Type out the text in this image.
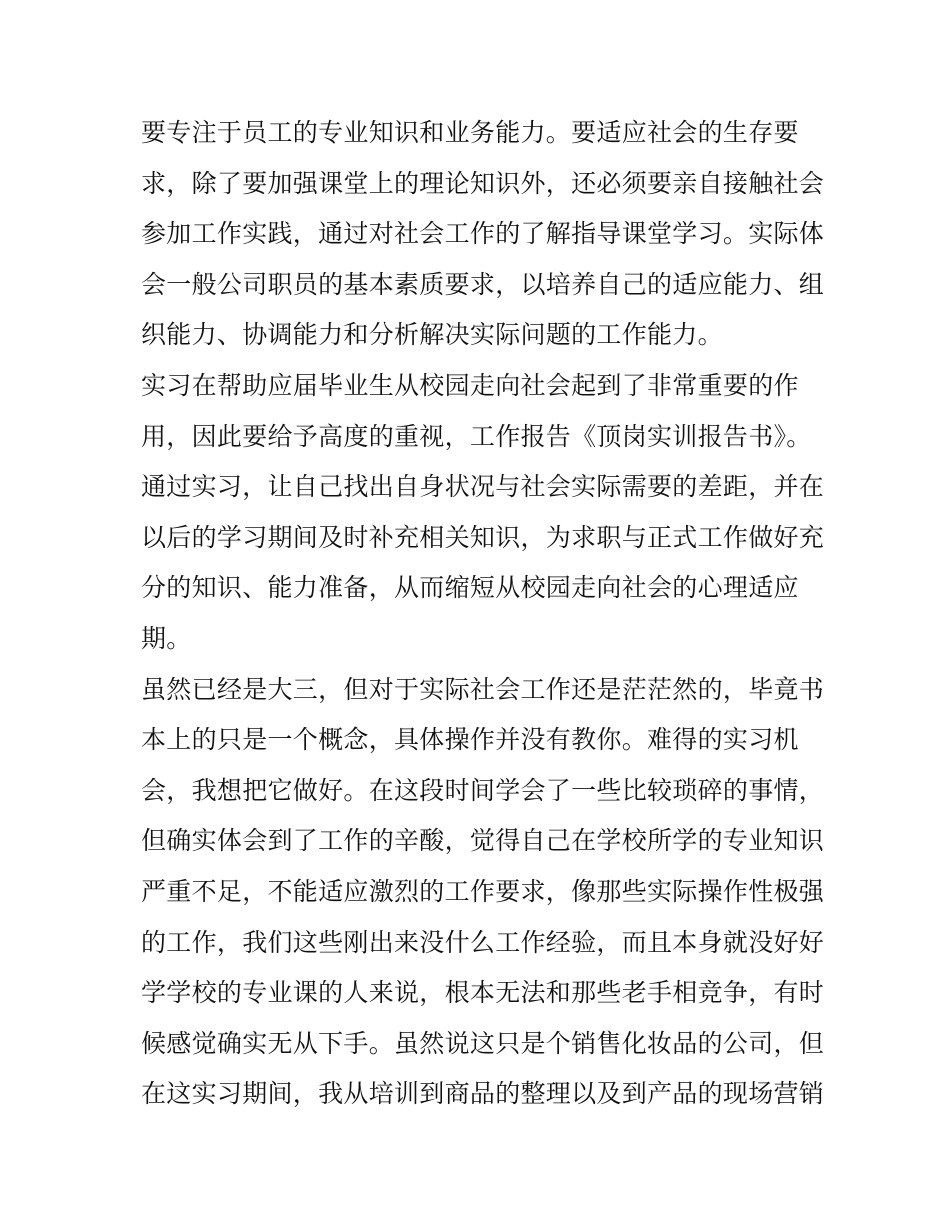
要专注于员工的专业知识和业务能力。要适应社会的生存要
求，除了要加强课堂上的理论知识外，还必须要亲自接触社会
参加工作实践，通过对社会工作的了解指导课堂学习。实际体
会一般公司职员的基本素质要求，以培养自己的适应能力、组
织能力、协调能力和分析解决实际问题的工作能力。
实习在帮助应届毕业生从校园走向社会起到了非常重要的作
用，因此要给予高度的重视，工作报告《顶岗实训报告书》。
通过实习，让自己找出自身状况与社会实际需要的差距，并在
以后的学习期间及时补充相关知识，为求职与正式工作做好充
分的知识、能力准备，从而缩短从校园走向社会的心理适应
期。
虽然已经是大三，但对于实际社会工作还是茫茫然的，毕竟书
本上的只是一个概念，具体操作并没有教你。难得的实习机
会，我想把它做好。在这段时间学会了一些比较琐碎的事情，
但确实体会到了工作的辛酸，觉得自己在学校所学的专业知识
严重不足，不能适应激烈的工作要求，像那些实际操作性极强
的工作，我们这些刚出来没什么工作经验，而且本身就没好好
学学校的专业课的人来说，根本无法和那些老手相竞争，有时
候感觉确实无从下手。虽然说这只是个销售化妆品的公司，但
在这实习期间，我从培训到商品的整理以及到产品的现场营销
